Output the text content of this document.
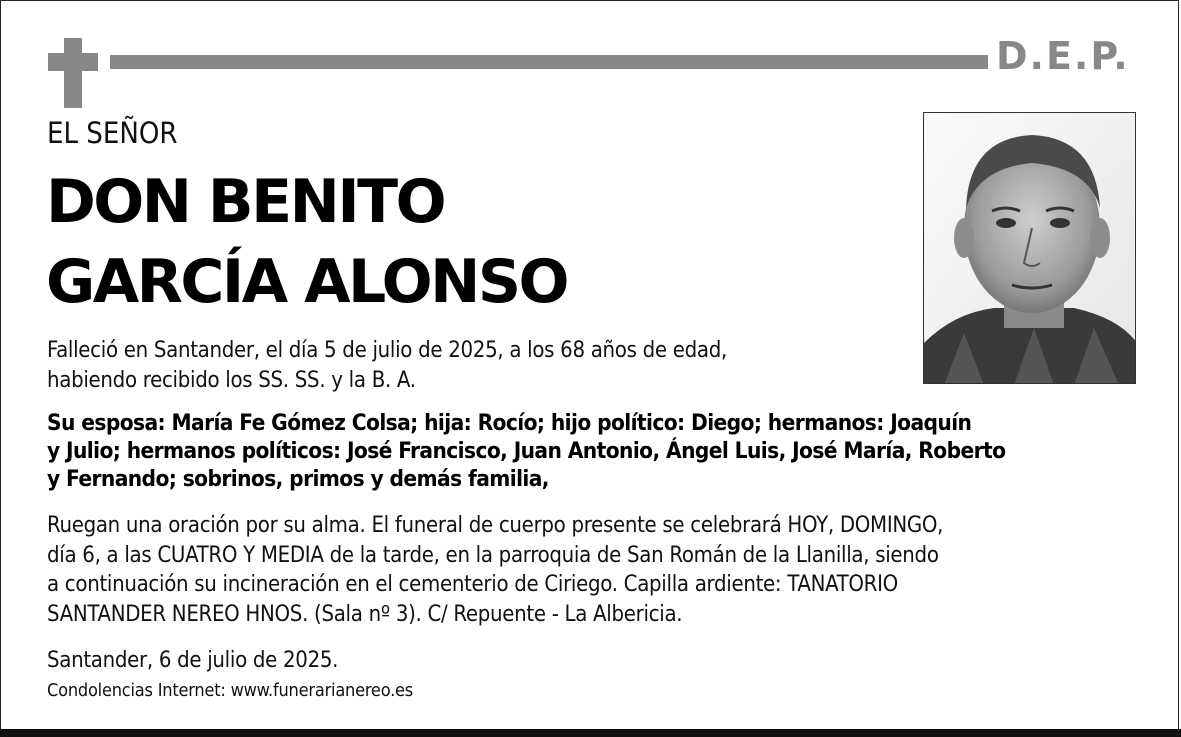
D.E.P.
EL SEÑOR
DON BENITO
GARCÍA ALONSO
Falleció en Santander, el día 5 de julio de 2025, a los 68 años de edad,
habiendo recibido los SS. SS. y la B. A.
Su esposa: María Fe Gómez Colsa; hija: Rocío; hijo político: Diego; hermanos: Joaquín
y Julio; hermanos políticos: José Francisco, Juan Antonio, Ángel Luis, José María, Roberto
y Fernando; sobrinos, primos y demás familia,
Ruegan una oración por su alma. El funeral de cuerpo presente se celebrará HOY, DOMINGO,
día 6, a las CUATRO Y MEDIA de la tarde, en la parroquia de San Román de la Llanilla, siendo
a continuación su incineración en el cementerio de Ciriego. Capilla ardiente: TANATORIO
SANTANDER NEREO HNOS. (Sala nº 3). C/ Repuente - La Albericia.
Santander, 6 de julio de 2025.
Condolencias Internet: www.funerarianereo.es
